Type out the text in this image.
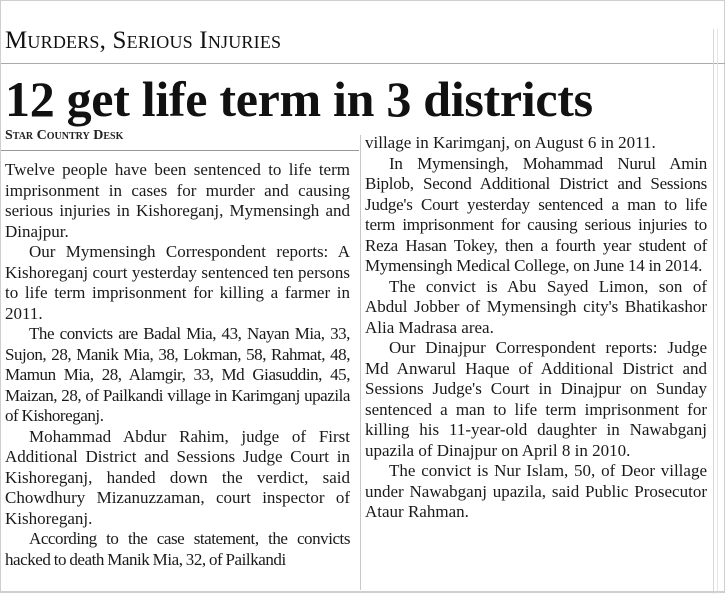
Murders, Serious Injuries
12 get life term in 3 districts
Star Country Desk

Twelve people have been sentenced to life term imprisonment in cases for murder and causing serious injuries in Kishoreganj, Mymensingh and Dinajpur.

Our Mymensingh Correspondent reports: A Kishoreganj court yesterday sentenced ten persons to life term imprisonment for killing a farmer in 2011.

The convicts are Badal Mia, 43, Nayan Mia, 33, Sujon, 28, Manik Mia, 38, Lokman, 58, Rahmat, 48, Mamun Mia, 28, Alamgir, 33, Md Giasuddin, 45, Maizan, 28, of Pailkandi village in Karimganj upazila of Kishoreganj.

Mohammad Abdur Rahim, judge of First Additional District and Sessions Judge Court in Kishoreganj, handed down the verdict, said Chowdhury Mizanuzzaman, court inspector of Kishoreganj.

According to the case statement, the convicts hacked to death Manik Mia, 32, of Pailkandi

village in Karimganj, on August 6 in 2011.

In Mymensingh, Mohammad Nurul Amin Biplob, Second Additional District and Sessions Judge's Court yesterday sentenced a man to life term imprisonment for causing serious injuries to Reza Hasan Tokey, then a fourth year student of Mymensingh Medical College, on June 14 in 2014.

The convict is Abu Sayed Limon, son of Abdul Jobber of Mymensingh city's Bhatikashor Alia Madrasa area.

Our Dinajpur Correspondent reports: Judge Md Anwarul Haque of Additional District and Sessions Judge's Court in Dinajpur on Sunday sentenced a man to life term imprisonment for killing his 11-year-old daughter in Nawabganj upazila of Dinajpur on April 8 in 2010.

The convict is Nur Islam, 50, of Deor village under Nawabganj upazila, said Public Prosecutor Ataur Rahman.
